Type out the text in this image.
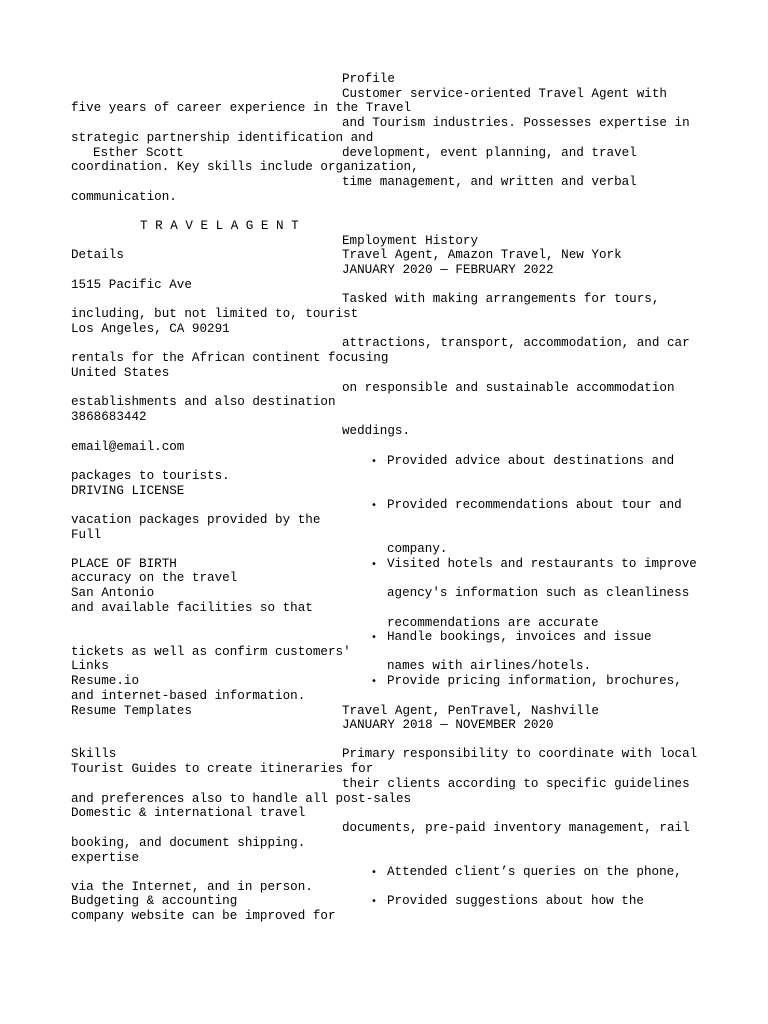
Profile
Customer service-oriented Travel Agent with
five years of career experience in the Travel
and Tourism industries. Possesses expertise in
strategic partnership identification and
Esther Scott	development, event planning, and travel
coordination. Key skills include organization,
time management, and written and verbal
communication.
T R A V E L A G E N T
Employment History
Details	Travel Agent, Amazon Travel, New York
JANUARY 2020 — FEBRUARY 2022
1515 Pacific Ave
Tasked with making arrangements for tours,
including, but not limited to, tourist
Los Angeles, CA 90291
attractions, transport, accommodation, and car
rentals for the African continent focusing
United States
on responsible and sustainable accommodation
establishments and also destination
3868683442
weddings.
email@email.com
• Provided advice about destinations and
packages to tourists.
DRIVING LICENSE
• Provided recommendations about tour and
vacation packages provided by the
Full
company.
PLACE OF BIRTH	• Visited hotels and restaurants to improve
accuracy on the travel
San Antonio	agency's information such as cleanliness
and available facilities so that
recommendations are accurate
• Handle bookings, invoices and issue
tickets as well as confirm customers'
Links	names with airlines/hotels.
Resume.io	• Provide pricing information, brochures,
and internet-based information.
Resume Templates	Travel Agent, PenTravel, Nashville
JANUARY 2018 — NOVEMBER 2020
Skills	Primary responsibility to coordinate with local
Tourist Guides to create itineraries for
their clients according to specific guidelines
and preferences also to handle all post-sales
Domestic & international travel
documents, pre-paid inventory management, rail
booking, and document shipping.
expertise
• Attended client’s queries on the phone,
via the Internet, and in person.
Budgeting & accounting	• Provided suggestions about how the
company website can be improved for
